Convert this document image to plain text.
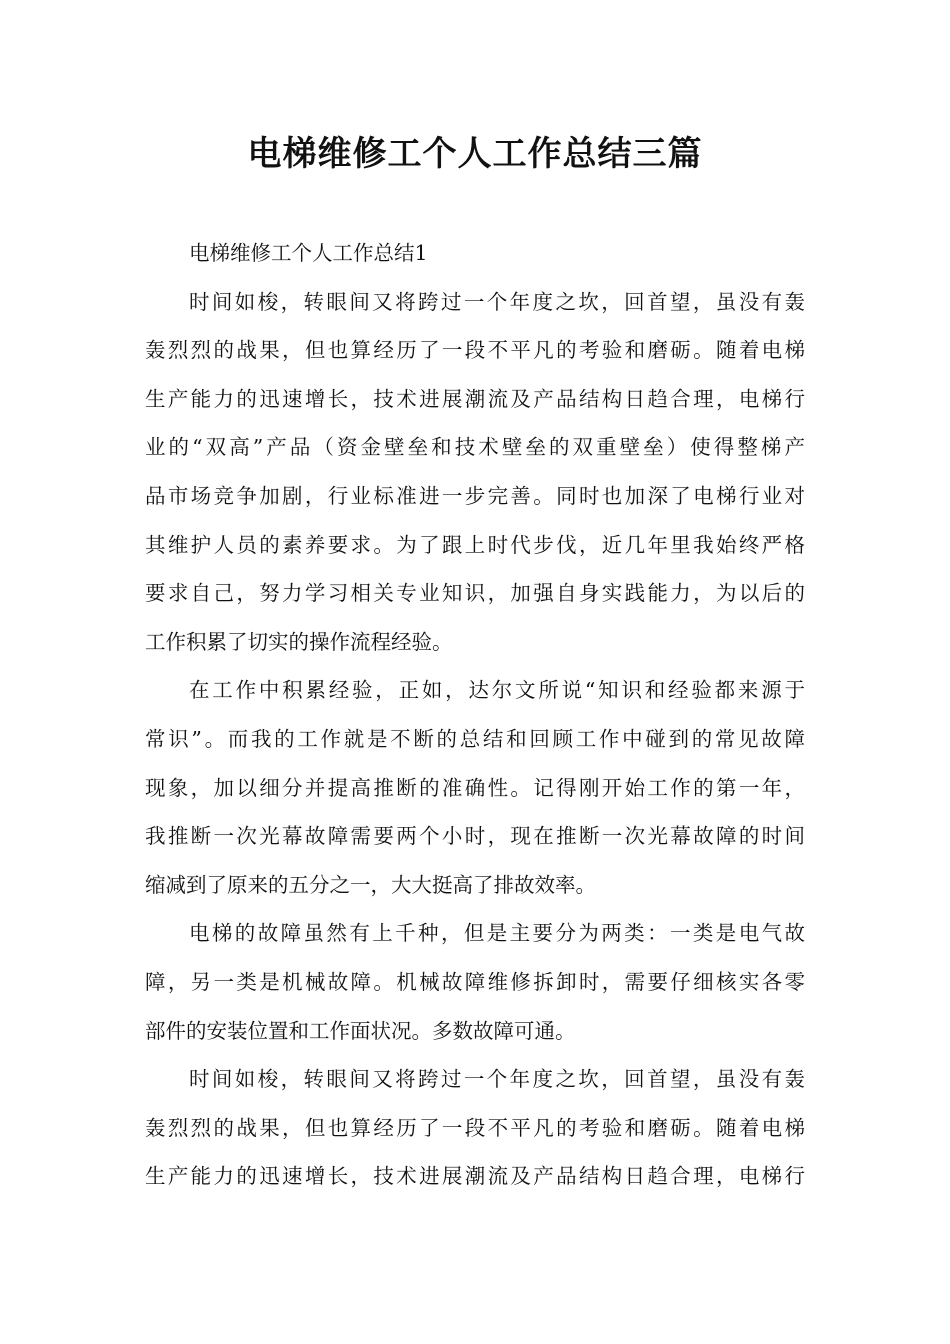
电梯维修工个人工作总结三篇
电梯维修工个人工作总结1
时间如梭，转眼间又将跨过一个年度之坎，回首望，虽没有轰
轰烈烈的战果，但也算经历了一段不平凡的考验和磨砺。随着电梯
生产能力的迅速增长，技术进展潮流及产品结构日趋合理，电梯行
业的“双高”产品（资金壁垒和技术壁垒的双重壁垒）使得整梯产
品市场竞争加剧，行业标准进一步完善。同时也加深了电梯行业对
其维护人员的素养要求。为了跟上时代步伐，近几年里我始终严格
要求自己，努力学习相关专业知识，加强自身实践能力，为以后的
工作积累了切实的操作流程经验。
在工作中积累经验，正如，达尔文所说“知识和经验都来源于
常识”。而我的工作就是不断的总结和回顾工作中碰到的常见故障
现象，加以细分并提高推断的准确性。记得刚开始工作的第一年，
我推断一次光幕故障需要两个小时，现在推断一次光幕故障的时间
缩减到了原来的五分之一，大大挺高了排故效率。
电梯的故障虽然有上千种，但是主要分为两类：一类是电气故
障，另一类是机械故障。机械故障维修拆卸时，需要仔细核实各零
部件的安装位置和工作面状况。多数故障可通。
时间如梭，转眼间又将跨过一个年度之坎，回首望，虽没有轰
轰烈烈的战果，但也算经历了一段不平凡的考验和磨砺。随着电梯
生产能力的迅速增长，技术进展潮流及产品结构日趋合理，电梯行
